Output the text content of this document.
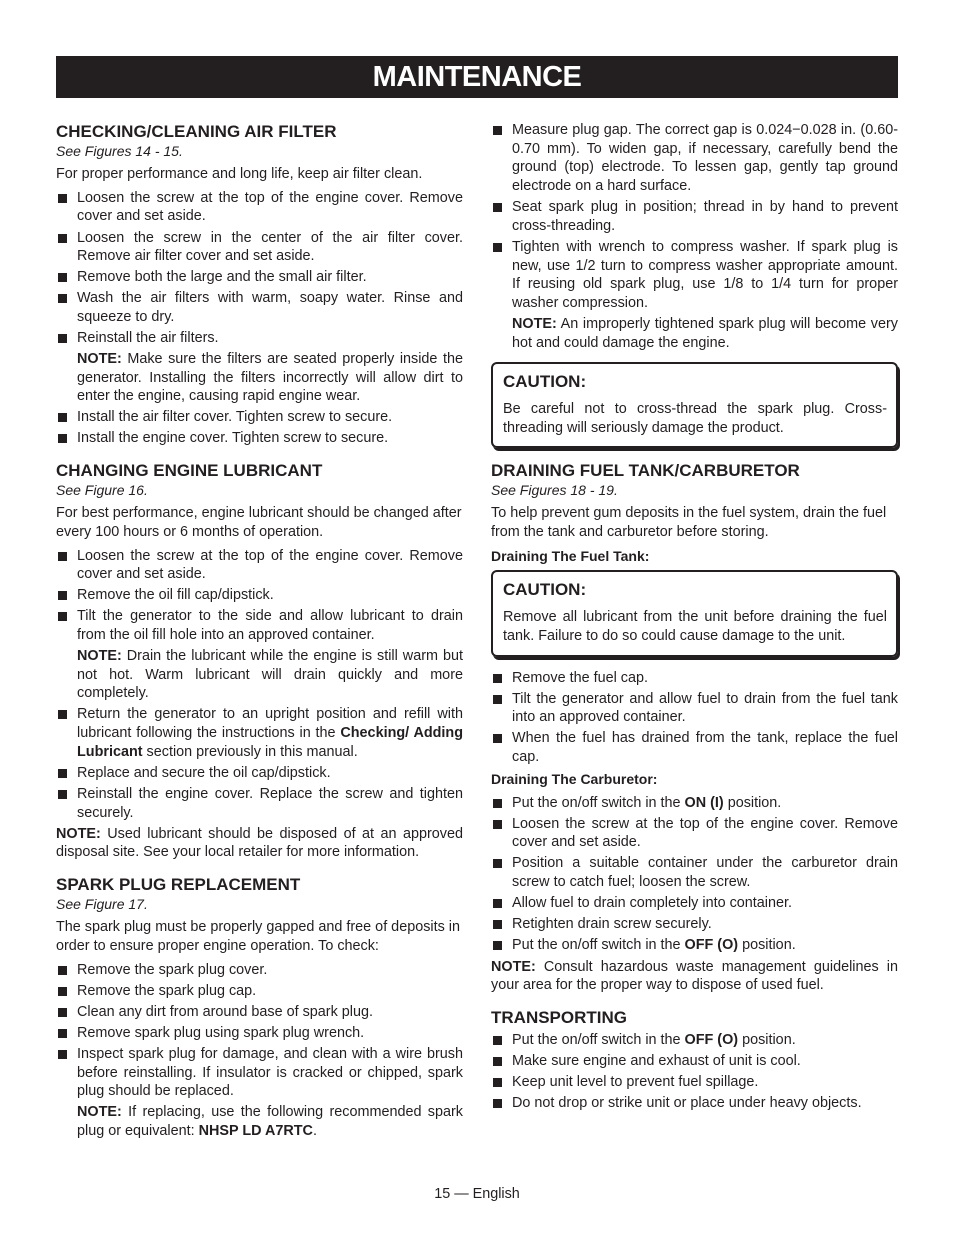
MAINTENANCE
CHECKING/CLEANING AIR FILTER
See Figures 14 - 15.

For proper performance and long life, keep air filter clean.

Loosen the screw at the top of the engine cover. Remove cover and set aside.
Loosen the screw in the center of the air filter cover. Remove air filter cover and set aside.
Remove both the large and the small air filter.
Wash the air filters with warm, soapy water. Rinse and squeeze to dry.
Reinstall the air filters.
NOTE: Make sure the filters are seated properly inside the generator. Installing the filters incorrectly will allow dirt to enter the engine, causing rapid engine wear.
Install the air filter cover. Tighten screw to secure.
Install the engine cover. Tighten screw to secure.
CHANGING ENGINE LUBRICANT
See Figure 16.

For best performance, engine lubricant should be changed after every 100 hours or 6 months of operation.

Loosen the screw at the top of the engine cover. Remove cover and set aside.
Remove the oil fill cap/dipstick.
Tilt the generator to the side and allow lubricant to drain from the oil fill hole into an approved container.
NOTE: Drain the lubricant while the engine is still warm but not hot. Warm lubricant will drain quickly and more completely.
Return the generator to an upright position and refill with lubricant following the instructions in the Checking/ Adding Lubricant section previously in this manual.
Replace and secure the oil cap/dipstick.
Reinstall the engine cover. Replace the screw and tighten securely.

NOTE: Used lubricant should be disposed of at an approved disposal site. See your local retailer for more information.

SPARK PLUG REPLACEMENT
See Figure 17.

The spark plug must be properly gapped and free of deposits in order to ensure proper engine operation. To check:

Remove the spark plug cover.
Remove the spark plug cap.
Clean any dirt from around base of spark plug.
Remove spark plug using spark plug wrench.
Inspect spark plug for damage, and clean with a wire brush before reinstalling. If insulator is cracked or chipped, spark plug should be replaced.
NOTE: If replacing, use the following recommended spark plug or equivalent: NHSP LD A7RTC.
Measure plug gap. The correct gap is 0.024−0.028 in. (0.60-0.70 mm). To widen gap, if necessary, carefully bend the ground (top) electrode. To lessen gap, gently tap ground electrode on a hard surface.
Seat spark plug in position; thread in by hand to prevent cross-threading.
Tighten with wrench to compress washer. If spark plug is new, use 1/2 turn to compress washer appropriate amount. If reusing old spark plug, use 1/8 to 1/4 turn for proper washer compression.
NOTE: An improperly tightened spark plug will become very hot and could damage the engine.
CAUTION:
Be careful not to cross-thread the spark plug. Cross-threading will seriously damage the product.
DRAINING FUEL TANK/CARBURETOR
See Figures 18 - 19.

To help prevent gum deposits in the fuel system, drain the fuel from the tank and carburetor before storing.

Draining The Fuel Tank:
CAUTION:
Remove all lubricant from the unit before draining the fuel tank. Failure to do so could cause damage to the unit.
Remove the fuel cap.
Tilt the generator and allow fuel to drain from the fuel tank into an approved container.
When the fuel has drained from the tank, replace the fuel cap.
Draining The Carburetor:
Put the on/off switch in the ON (I) position.
Loosen the screw at the top of the engine cover. Remove cover and set aside.
Position a suitable container under the carburetor drain screw to catch fuel; loosen the screw.
Allow fuel to drain completely into container.
Retighten drain screw securely.
Put the on/off switch in the OFF (O) position.

NOTE: Consult hazardous waste management guidelines in your area for the proper way to dispose of used fuel.

TRANSPORTING
Put the on/off switch in the OFF (O) position.
Make sure engine and exhaust of unit is cool.
Keep unit level to prevent fuel spillage.
Do not drop or strike unit or place under heavy objects.
15 — English
